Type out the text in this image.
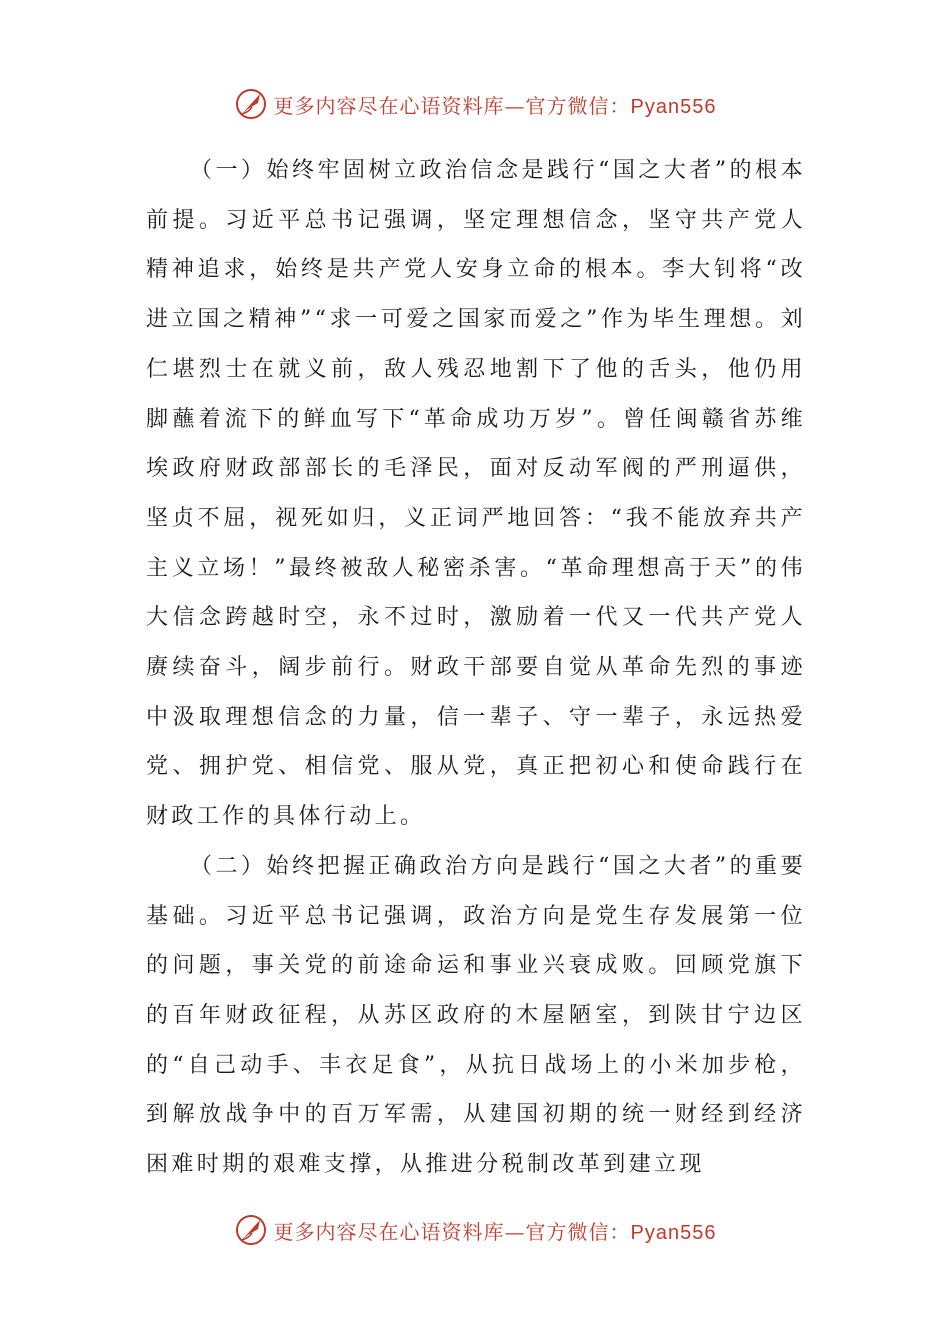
更多内容尽在心语资料库—官方微信：Pyan556

（一）始终牢固树立政治信念是践行“国之大者”的根本前提。习近平总书记强调，坚定理想信念，坚守共产党人精神追求，始终是共产党人安身立命的根本。李大钊将“改进立国之精神”“求一可爱之国家而爱之”作为毕生理想。刘仁堪烈士在就义前，敌人残忍地割下了他的舌头，他仍用脚蘸着流下的鲜血写下“革命成功万岁”。曾任闽赣省苏维埃政府财政部部长的毛泽民，面对反动军阀的严刑逼供，坚贞不屈，视死如归，义正词严地回答：“我不能放弃共产主义立场！”最终被敌人秘密杀害。“革命理想高于天”的伟大信念跨越时空，永不过时，激励着一代又一代共产党人赓续奋斗，阔步前行。财政干部要自觉从革命先烈的事迹中汲取理想信念的力量，信一辈子、守一辈子，永远热爱党、拥护党、相信党、服从党，真正把初心和使命践行在财政工作的具体行动上。

（二）始终把握正确政治方向是践行“国之大者”的重要基础。习近平总书记强调，政治方向是党生存发展第一位的问题，事关党的前途命运和事业兴衰成败。回顾党旗下的百年财政征程，从苏区政府的木屋陋室，到陕甘宁边区的“自己动手、丰衣足食”，从抗日战场上的小米加步枪，到解放战争中的百万军需，从建国初期的统一财经到经济困难时期的艰难支撑，从推进分税制改革到建立现

更多内容尽在心语资料库—官方微信：Pyan556
